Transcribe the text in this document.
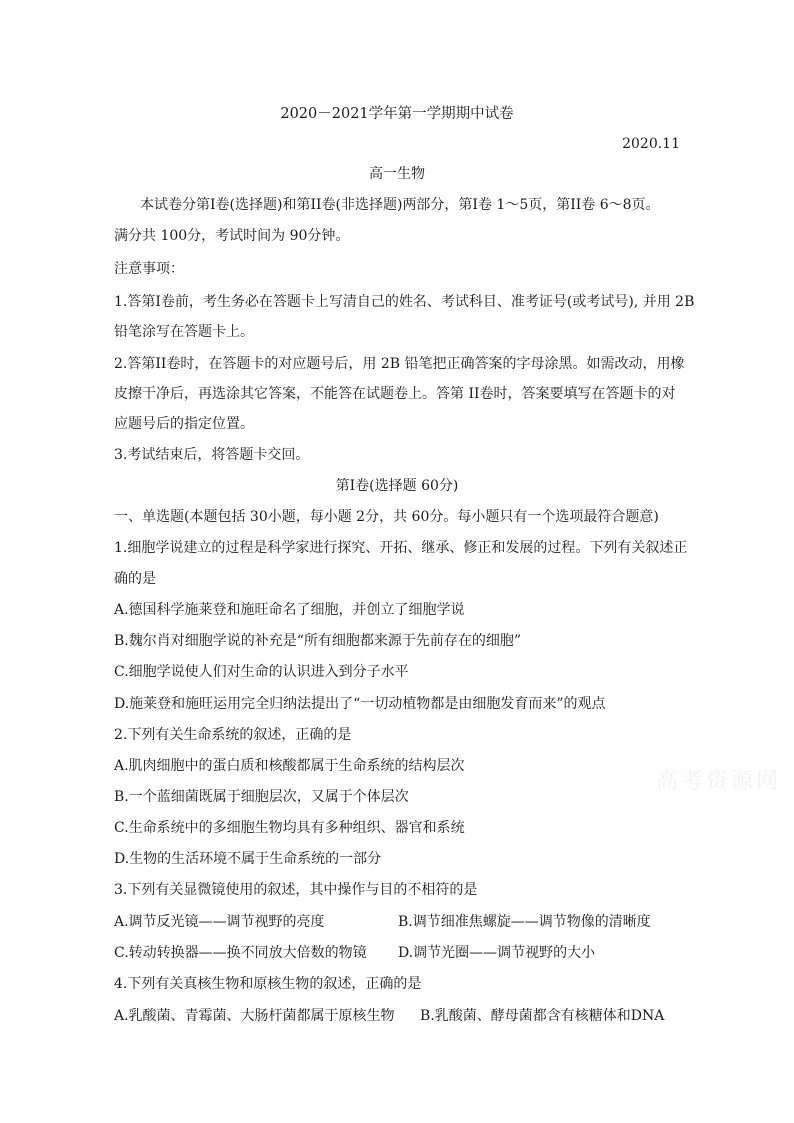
2020－2021学年第一学期期中试卷
2020.11
高一生物
本试卷分第I卷(选择题)和第II卷(非选择题)两部分，第I卷 1～5页，第II卷 6～8页。
满分共 100分，考试时间为 90分钟。
注意事项：
1.答第I卷前，考生务必在答题卡上写清自己的姓名、考试科目、准考证号(或考试号), 并用 2B
铅笔涂写在答题卡上。
2.答第II卷时，在答题卡的对应题号后，用 2B 铅笔把正确答案的字母涂黑。如需改动，用橡
皮擦干净后，再选涂其它答案，不能答在试题卷上。答第 II卷时，答案要填写在答题卡的对
应题号后的指定位置。
3.考试结束后，将答题卡交回。
第I卷(选择题 60分)
一、单选题(本题包括 30小题，每小题 2分，共 60分。每小题只有一个选项最符合题意)
1.细胞学说建立的过程是科学家进行探究、开拓、继承、修正和发展的过程。下列有关叙述正
确的是
A.德国科学施莱登和施旺命名了细胞，并创立了细胞学说
B.魏尔肖对细胞学说的补充是“所有细胞都来源于先前存在的细胞”
C.细胞学说使人们对生命的认识进入到分子水平
D.施莱登和施旺运用完全归纳法提出了“一切动植物都是由细胞发育而来”的观点
2.下列有关生命系统的叙述，正确的是
A.肌肉细胞中的蛋白质和核酸都属于生命系统的结构层次
B.一个蓝细菌既属于细胞层次，又属于个体层次
C.生命系统中的多细胞生物均具有多种组织、器官和系统
D.生物的生活环境不属于生命系统的一部分
3.下列有关显微镜使用的叙述，其中操作与目的不相符的是
A.调节反光镜——调节视野的亮度	B.调节细准焦螺旋——调节物像的清晰度
C.转动转换器——换不同放大倍数的物镜 D.调节光圈——调节视野的大小
4.下列有关真核生物和原核生物的叙述，正确的是
A.乳酸菌、青霉菌、大肠杆菌都属于原核生物 B.乳酸菌、酵母菌都含有核糖体和DNA
高考资源网
